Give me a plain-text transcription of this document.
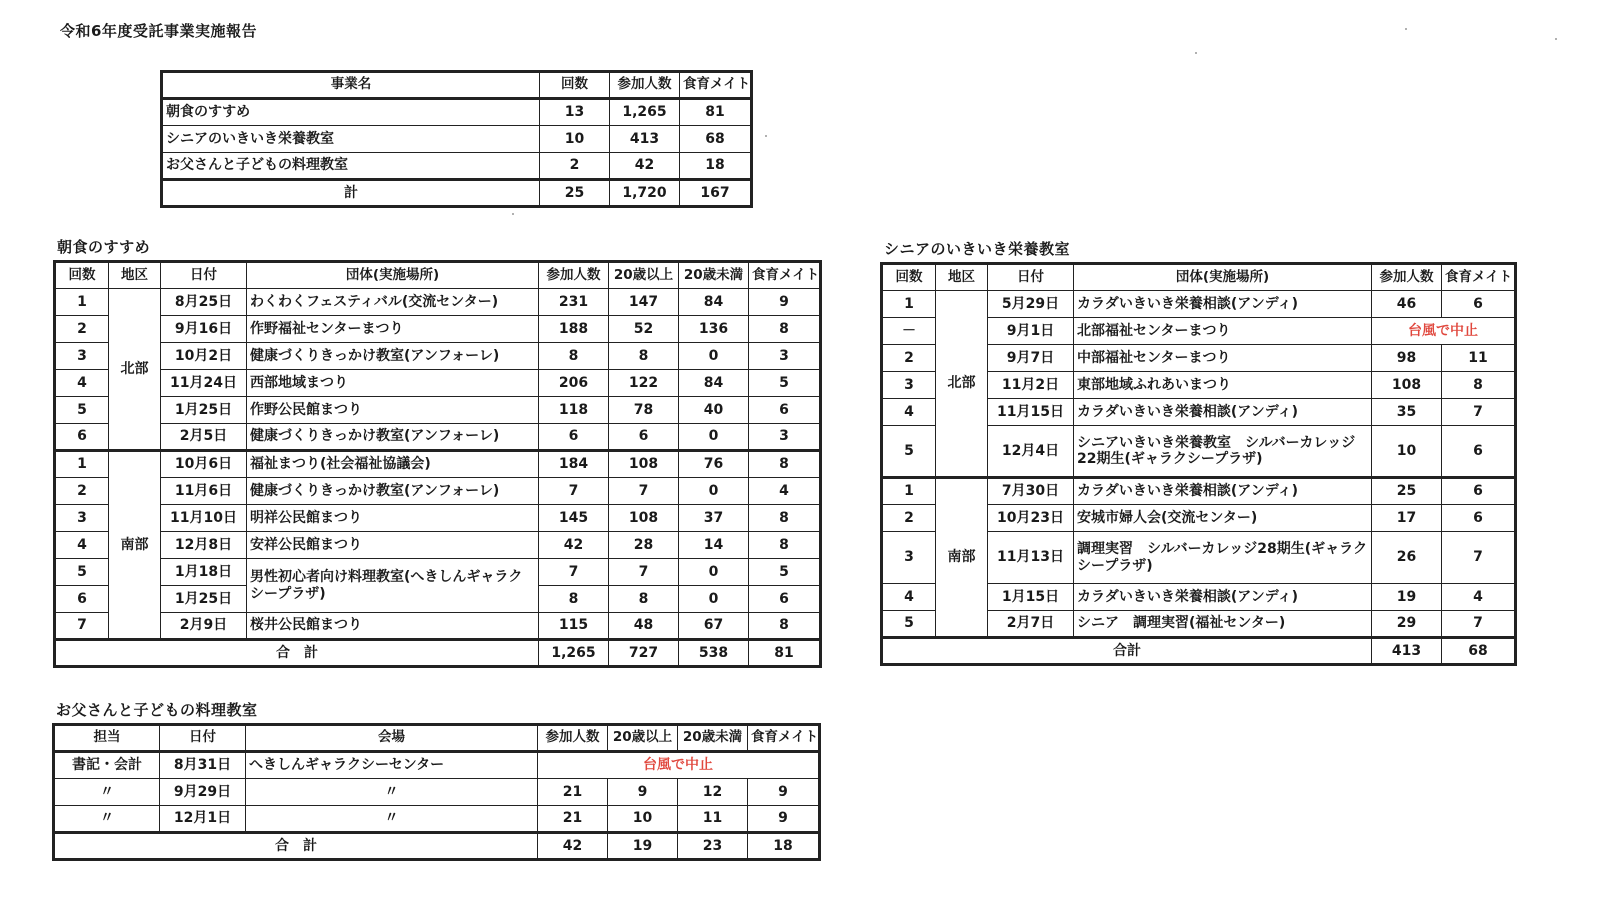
令和6年度受託事業実施報告
事業名	回数	参加人数	食育メイト
朝食のすすめ	13	1,265	81
シニアのいきいき栄養教室	10	413	68
お父さんと子どもの料理教室	2	42	18
計	25	1,720	167
朝食のすすめ
回数	地区	日付	団体(実施場所)	参加人数	20歳以上	20歳未満	食育メイト
1	北部	8月25日	わくわくフェスティバル(交流センター)	231	147	84	9
2		9月16日	作野福祉センターまつり	188	52	136	8
3		10月2日	健康づくりきっかけ教室(アンフォーレ)	8	8	0	3
4		11月24日	西部地域まつり	206	122	84	5
5		1月25日	作野公民館まつり	118	78	40	6
6		2月5日	健康づくりきっかけ教室(アンフォーレ)	6	6	0	3
1	南部	10月6日	福祉まつり(社会福祉協議会)	184	108	76	8
2		11月6日	健康づくりきっかけ教室(アンフォーレ)	7	7	0	4
3		11月10日	明祥公民館まつり	145	108	37	8
4		12月8日	安祥公民館まつり	42	28	14	8
5		1月18日	男性初心者向け料理教室(へきしんギャラクシープラザ)	7	7	0	5
6		1月25日		8	8	0	6
7		2月9日	桜井公民館まつり	115	48	67	8
合　計				1,265	727	538	81
シニアのいきいき栄養教室
回数	地区	日付	団体(実施場所)	参加人数	食育メイト
1	北部	5月29日	カラダいきいき栄養相談(アンディ)	46	6
－		9月1日	北部福祉センターまつり	台風で中止	
2		9月7日	中部福祉センターまつり	98	11
3		11月2日	東部地域ふれあいまつり	108	8
4		11月15日	カラダいきいき栄養相談(アンディ)	35	7
5		12月4日	シニアいきいき栄養教室　シルバーカレッジ22期生(ギャラクシープラザ)	10	6
1	南部	7月30日	カラダいきいき栄養相談(アンディ)	25	6
2		10月23日	安城市婦人会(交流センター)	17	6
3		11月13日	調理実習　シルバーカレッジ28期生(ギャラクシープラザ)	26	7
4		1月15日	カラダいきいき栄養相談(アンディ)	19	4
5		2月7日	シニア　調理実習(福祉センター)	29	7
合計				413	68
お父さんと子どもの料理教室
担当	日付	会場	参加人数	20歳以上	20歳未満	食育メイト
書記・会計	8月31日	へきしんギャラクシーセンター	台風で中止			
〃	9月29日	〃	21	9	12	9
〃	12月1日	〃	21	10	11	9
合　計			42	19	23	18
